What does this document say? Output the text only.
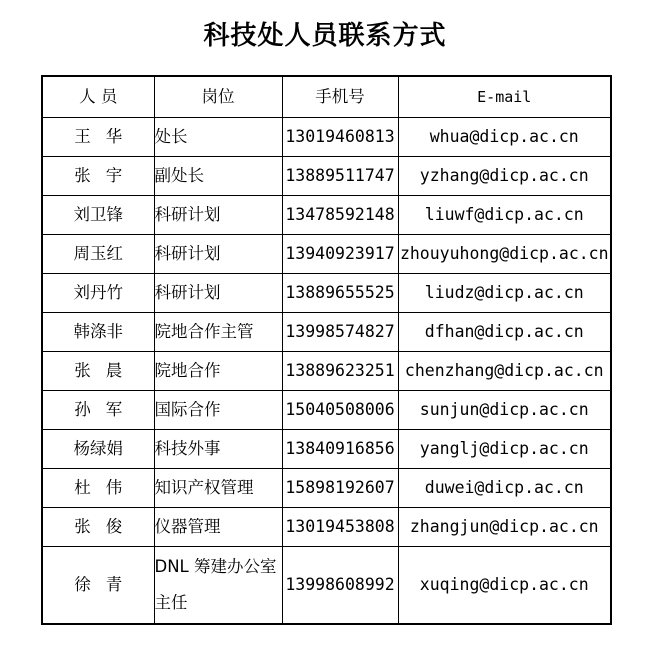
科技处人员联系方式
人 员	岗位	手机号	E-mail
王华	处长	13019460813	whua@dicp.ac.cn
张宇	副处长	13889511747	yzhang@dicp.ac.cn
刘卫锋	科研计划	13478592148	liuwf@dicp.ac.cn
周玉红	科研计划	13940923917	zhouyuhong@dicp.ac.cn
刘丹竹	科研计划	13889655525	liudz@dicp.ac.cn
韩涤非	院地合作主管	13998574827	dfhan@dicp.ac.cn
张晨	院地合作	13889623251	chenzhang@dicp.ac.cn
孙军	国际合作	15040508006	sunjun@dicp.ac.cn
杨绿娟	科技外事	13840916856	yanglj@dicp.ac.cn
杜伟	知识产权管理	15898192607	duwei@dicp.ac.cn
张俊	仪器管理	13019453808	zhangjun@dicp.ac.cn
徐青	DNL 筹建办公室主任	13998608992	xuqing@dicp.ac.cn
